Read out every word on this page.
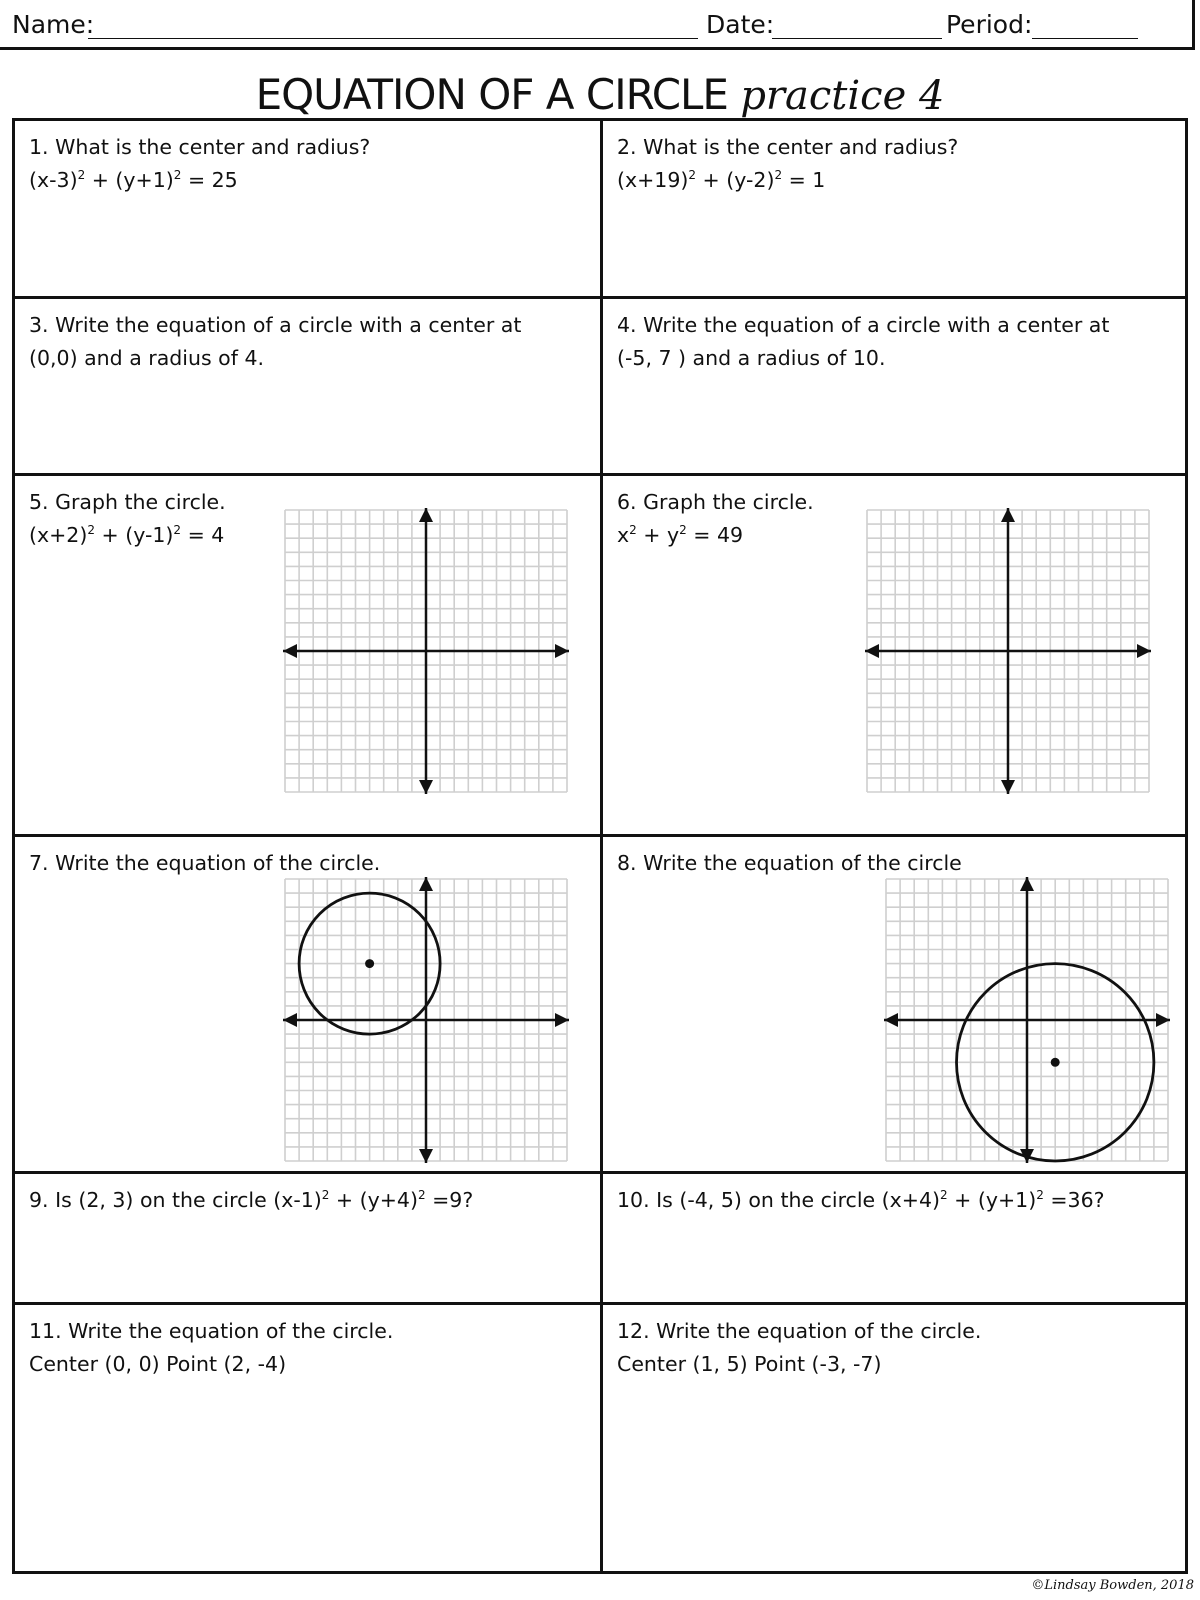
Name:	Date:	Period:
EQUATION OF A CIRCLE practice 4
1. What is the center and radius?
$(x-3)^2 + (y+1)^2 = 25$
2. What is the center and radius?
$(x+19)^2 + (y-2)^2 = 1$
3. Write the equation of a circle with a center at
(0,0) and a radius of 4.
4. Write the equation of a circle with a center at
(-5, 7 ) and a radius of 10.
5. Graph the circle.
$(x+2)^2 + (y-1)^2 = 4$
6. Graph the circle.
$x^2 + y^2 = 49$
7. Write the equation of the circle.	8. Write the equation of the circle
9. Is (2, 3) on the circle $(x-1)^2 + (y+4)^2 =9$?	10. Is (-4, 5) on the circle $(x+4)^2 + (y+1)^2 =36$?
11. Write the equation of the circle.
Center (0, 0) Point (2, -4)
12. Write the equation of the circle.
Center (1, 5) Point (-3, -7)
©Lindsay Bowden, 2018
